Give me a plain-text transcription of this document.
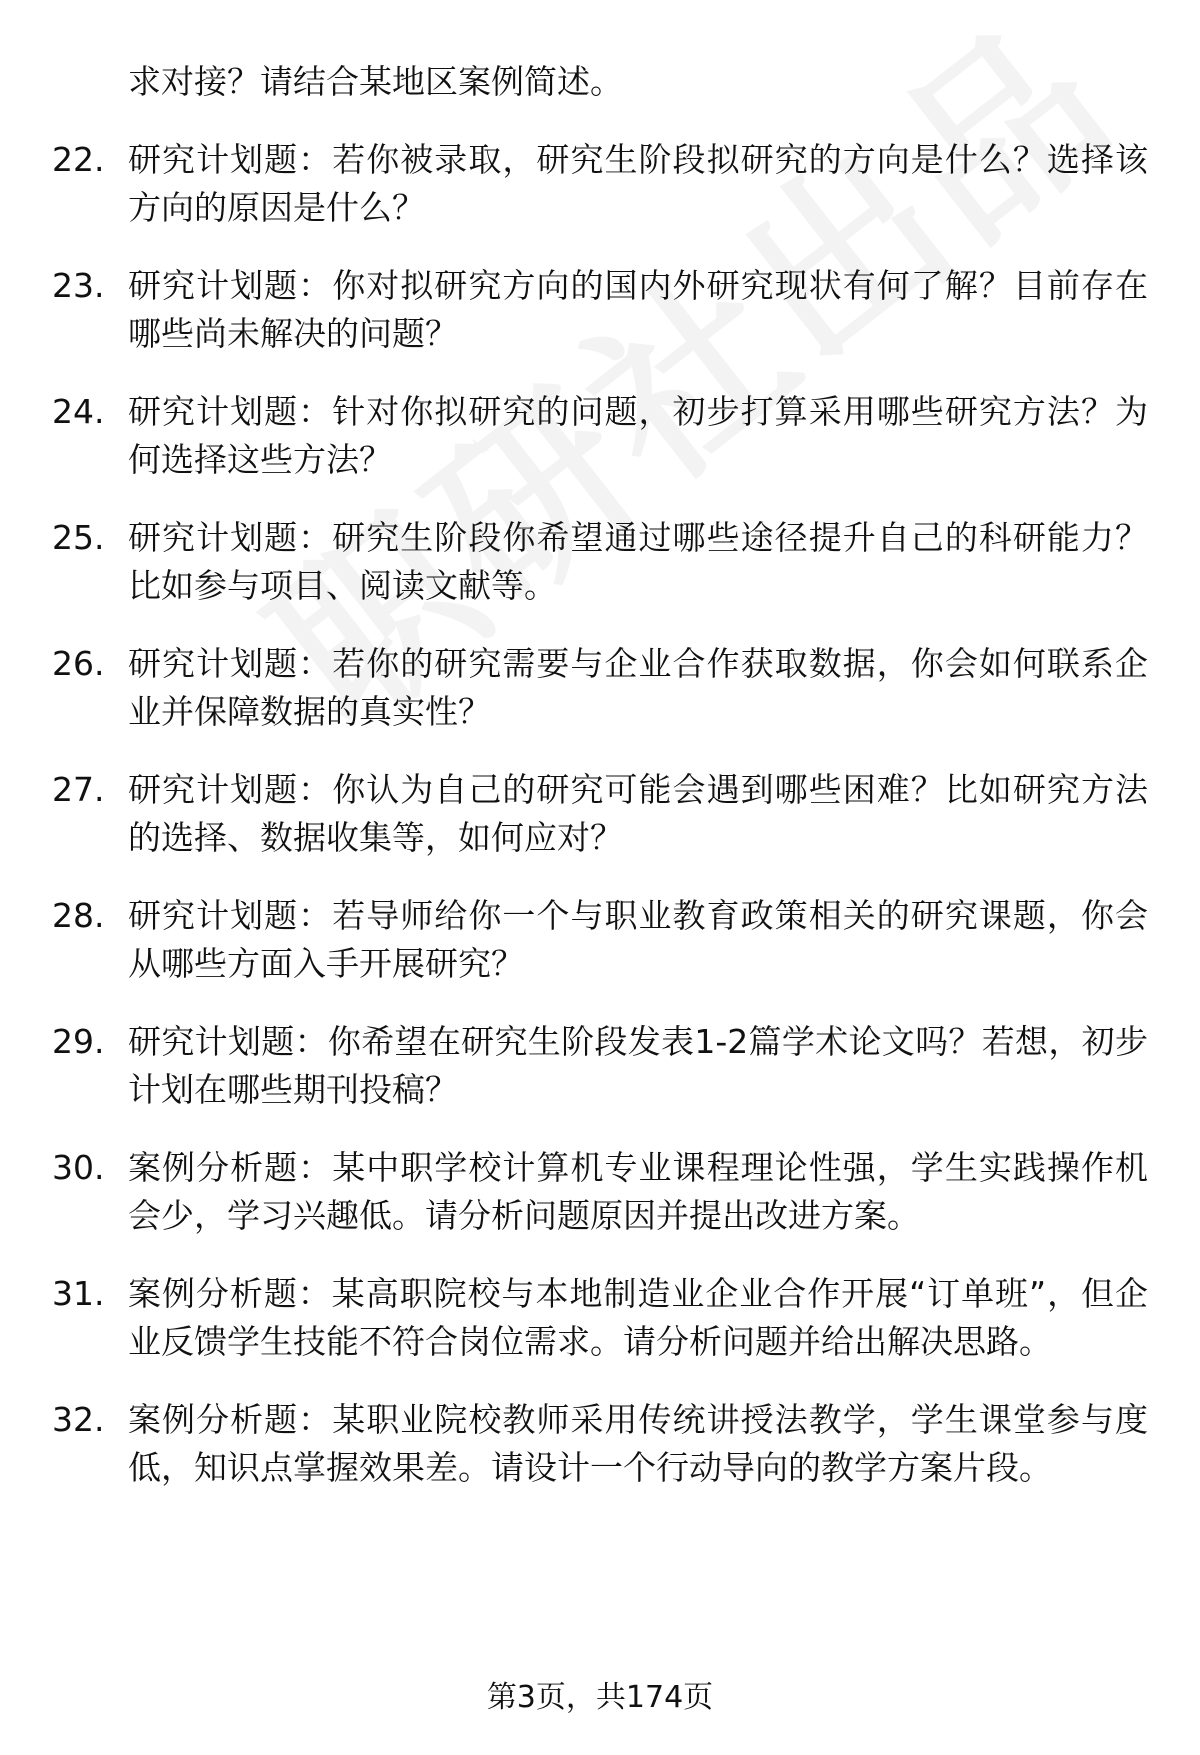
求对接？请结合某地区案例简述。
22. 研究计划题：若你被录取，研究生阶段拟研究的方向是什么？选择该方向的原因是什么？
23. 研究计划题：你对拟研究方向的国内外研究现状有何了解？目前存在哪些尚未解决的问题？
24. 研究计划题：针对你拟研究的问题，初步打算采用哪些研究方法？为何选择这些方法？
25. 研究计划题：研究生阶段你希望通过哪些途径提升自己的科研能力？比如参与项目、阅读文献等。
26. 研究计划题：若你的研究需要与企业合作获取数据，你会如何联系企业并保障数据的真实性？
27. 研究计划题：你认为自己的研究可能会遇到哪些困难？比如研究方法的选择、数据收集等，如何应对？
28. 研究计划题：若导师给你一个与职业教育政策相关的研究课题，你会从哪些方面入手开展研究？
29. 研究计划题：你希望在研究生阶段发表1-2篇学术论文吗？若想，初步计划在哪些期刊投稿？
30. 案例分析题：某中职学校计算机专业课程理论性强，学生实践操作机会少，学习兴趣低。请分析问题原因并提出改进方案。
31. 案例分析题：某高职院校与本地制造业企业合作开展“订单班”，但企业反馈学生技能不符合岗位需求。请分析问题并给出解决思路。
32. 案例分析题：某职业院校教师采用传统讲授法教学，学生课堂参与度低，知识点掌握效果差。请设计一个行动导向的教学方案片段。
第3页，共174页
